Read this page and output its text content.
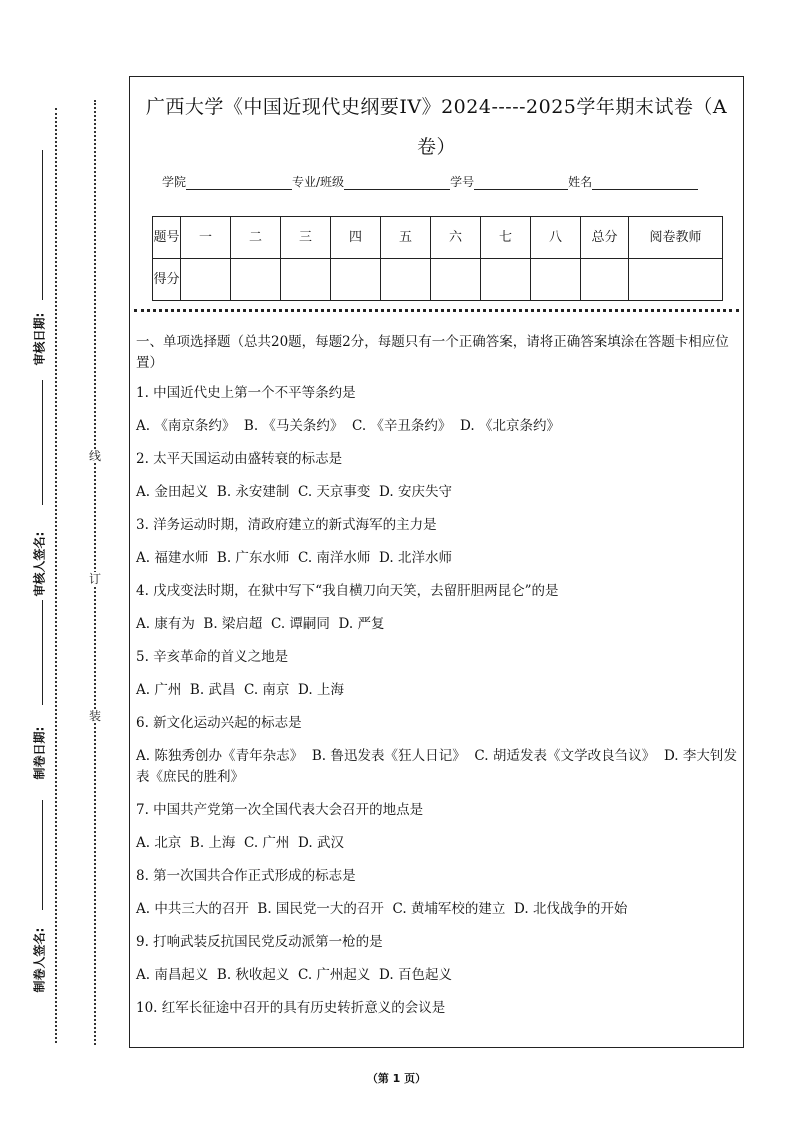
审核日期:
审核人签名:
制卷日期:
制卷人签名:
线
订
装
广西大学《中国近现代史纲要IV》2024-----2025学年期末试卷（A
卷）
学院	专业/班级	学号	姓名
题号	一	二	三	四	五	六	七	八	总分	阅卷教师
得分										

一、单项选择题（总共20题，每题2分，每题只有一个正确答案，请将正确答案填涂在答题卡相应位置）

1. 中国近代史上第一个不平等条约是

A. 《南京条约》  B. 《马关条约》  C. 《辛丑条约》  D. 《北京条约》

2. 太平天国运动由盛转衰的标志是

A. 金田起义  B. 永安建制  C. 天京事变  D. 安庆失守

3. 洋务运动时期，清政府建立的新式海军的主力是

A. 福建水师  B. 广东水师  C. 南洋水师  D. 北洋水师

4. 戊戌变法时期，在狱中写下“我自横刀向天笑，去留肝胆两昆仑”的是

A. 康有为  B. 梁启超  C. 谭嗣同  D. 严复

5. 辛亥革命的首义之地是

A. 广州  B. 武昌  C. 南京  D. 上海

6. 新文化运动兴起的标志是

A. 陈独秀创办《青年杂志》  B. 鲁迅发表《狂人日记》  C. 胡适发表《文学改良刍议》  D. 李大钊发表《庶民的胜利》

7. 中国共产党第一次全国代表大会召开的地点是

A. 北京  B. 上海  C. 广州  D. 武汉

8. 第一次国共合作正式形成的标志是

A. 中共三大的召开  B. 国民党一大的召开  C. 黄埔军校的建立  D. 北伐战争的开始

9. 打响武装反抗国民党反动派第一枪的是

A. 南昌起义  B. 秋收起义  C. 广州起义  D. 百色起义

10. 红军长征途中召开的具有历史转折意义的会议是

（第 1 页）
